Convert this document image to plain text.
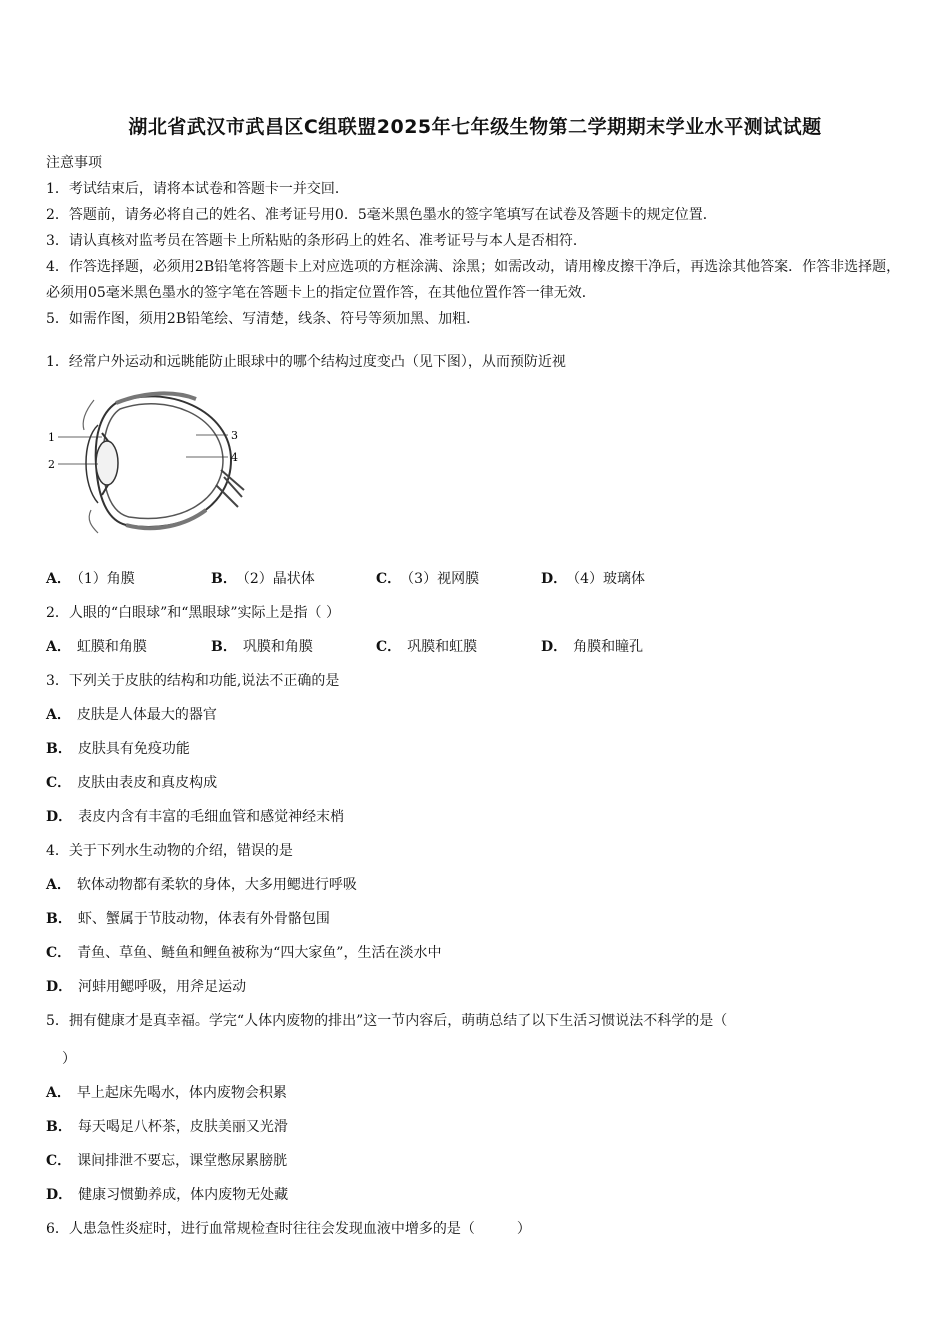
湖北省武汉市武昌区C组联盟2025年七年级生物第二学期期末学业水平测试试题
注意事项
1．考试结束后，请将本试卷和答题卡一并交回．
2．答题前，请务必将自己的姓名、准考证号用0．5毫米黑色墨水的签字笔填写在试卷及答题卡的规定位置．
3．请认真核对监考员在答题卡上所粘贴的条形码上的姓名、准考证号与本人是否相符．
4．作答选择题，必须用2B铅笔将答题卡上对应选项的方框涂满、涂黑；如需改动，请用橡皮擦干净后，再选涂其他答案．作答非选择题，必须用05毫米黑色墨水的签字笔在答题卡上的指定位置作答，在其他位置作答一律无效．
5．如需作图，须用2B铅笔绘、写清楚，线条、符号等须加黑、加粗．
1．经常户外运动和远眺能防止眼球中的哪个结构过度变凸（见下图），从而预防近视
1
2
3
4
A． （1）角膜	B． （2）晶状体	C． （3）视网膜	D． （4）玻璃体
2．人眼的“白眼球”和“黑眼球”实际上是指（ ）
A． 虹膜和角膜	B． 巩膜和角膜	C． 巩膜和虹膜	D． 角膜和瞳孔
3．下列关于皮肤的结构和功能,说法不正确的是
A． 皮肤是人体最大的器官
B． 皮肤具有免疫功能
C． 皮肤由表皮和真皮构成
D． 表皮内含有丰富的毛细血管和感觉神经末梢
4．关于下列水生动物的介绍，错误的是
A． 软体动物都有柔软的身体，大多用鳃进行呼吸
B． 虾、蟹属于节肢动物，体表有外骨骼包围
C． 青鱼、草鱼、鲢鱼和鲤鱼被称为“四大家鱼”，生活在淡水中
D． 河蚌用鳃呼吸，用斧足运动
5．拥有健康才是真幸福。学完“人体内废物的排出”这一节内容后，萌萌总结了以下生活习惯说法不科学的是（
）
A． 早上起床先喝水，体内废物会积累
B． 每天喝足八杯茶，皮肤美丽又光滑
C． 课间排泄不要忘，课堂憋尿累膀胱
D． 健康习惯勤养成，体内废物无处藏
6．人患急性炎症时，进行血常规检查时往往会发现血液中增多的是（　　　）
